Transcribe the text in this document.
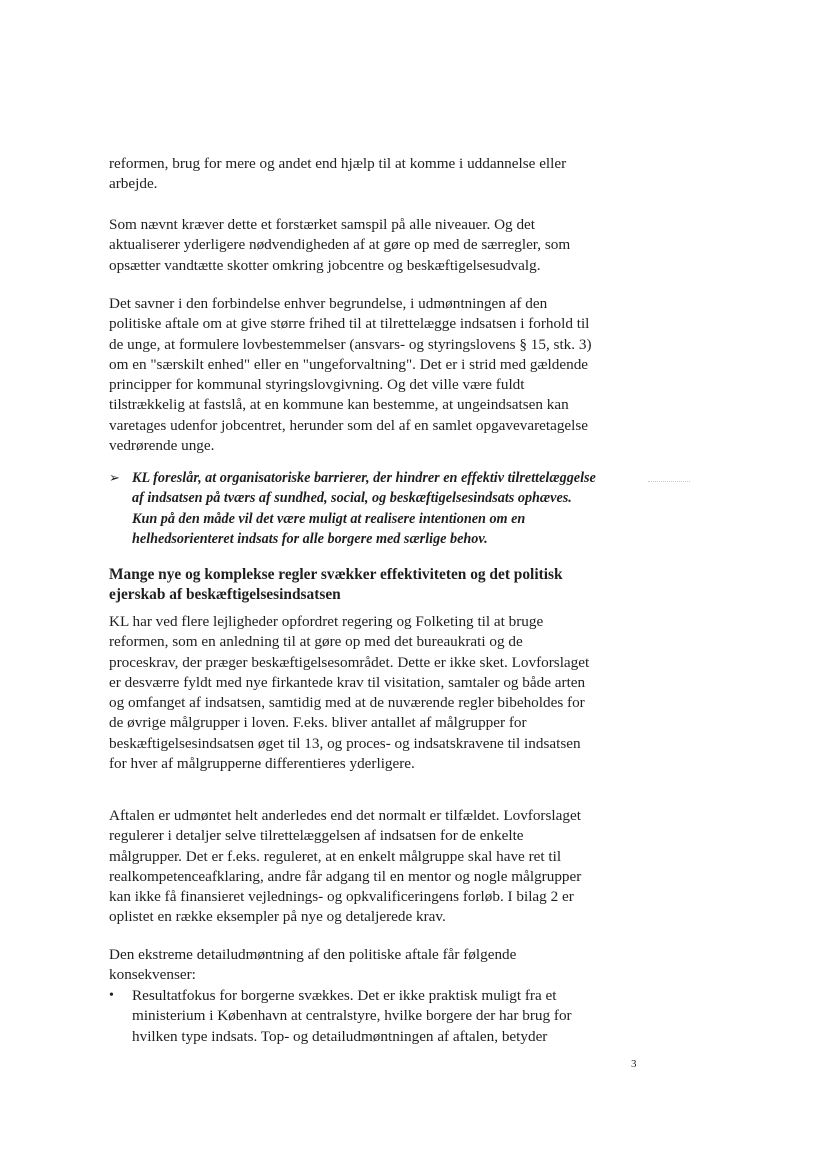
reformen, brug for mere og andet end hjælp til at komme i uddannelse eller arbejde.

Som nævnt kræver dette et forstærket samspil på alle niveauer. Og det aktualiserer yderligere nødvendigheden af at gøre op med de særregler, som opsætter vandtætte skotter omkring jobcentre og beskæftigelsesudvalg.

Det savner i den forbindelse enhver begrundelse, i udmøntningen af den politiske aftale om at give større frihed til at tilrettelægge indsatsen i forhold til de unge, at formulere lovbestemmelser (ansvars- og styringslovens § 15, stk. 3) om en "særskilt enhed" eller en "ungeforvaltning". Det er i strid med gældende principper for kommunal styringslovgivning. Og det ville være fuldt tilstrækkelig at fastslå, at en kommune kan bestemme, at ungeindsatsen kan varetages udenfor jobcentret, herunder som del af en samlet opgavevaretagelse vedrørende unge.

➢ KL foreslår, at organisatoriske barrierer, der hindrer en effektiv tilrettelæggelse af indsatsen på tværs af sundhed, social, og beskæftigelsesindsats ophæves. Kun på den måde vil det være muligt at realisere intentionen om en helhedsorienteret indsats for alle borgere med særlige behov.

Mange nye og komplekse regler svækker effektiviteten og det politisk ejerskab af beskæftigelsesindsatsen

KL har ved flere lejligheder opfordret regering og Folketing til at bruge reformen, som en anledning til at gøre op med det bureaukrati og de proceskrav, der præger beskæftigelsesområdet. Dette er ikke sket. Lovforslaget er desværre fyldt med nye firkantede krav til visitation, samtaler og både arten og omfanget af indsatsen, samtidig med at de nuværende regler bibeholdes for de øvrige målgrupper i loven. F.eks. bliver antallet af målgrupper for beskæftigelsesindsatsen øget til 13, og proces- og indsatskravene til indsatsen for hver af målgrupperne differentieres yderligere.

Aftalen er udmøntet helt anderledes end det normalt er tilfældet. Lovforslaget regulerer i detaljer selve tilrettelæggelsen af indsatsen for de enkelte målgrupper. Det er f.eks. reguleret, at en enkelt målgruppe skal have ret til realkompetenceafklaring, andre får adgang til en mentor og nogle målgrupper kan ikke få finansieret vejlednings- og opkvalificeringens forløb. I bilag 2 er oplistet en række eksempler på nye og detaljerede krav.

Den ekstreme detailudmøntning af den politiske aftale får følgende konsekvenser:

• Resultatfokus for borgerne svækkes. Det er ikke praktisk muligt fra et ministerium i København at centralstyre, hvilke borgere der har brug for hvilken type indsats. Top- og detailudmøntningen af aftalen, betyder
3
